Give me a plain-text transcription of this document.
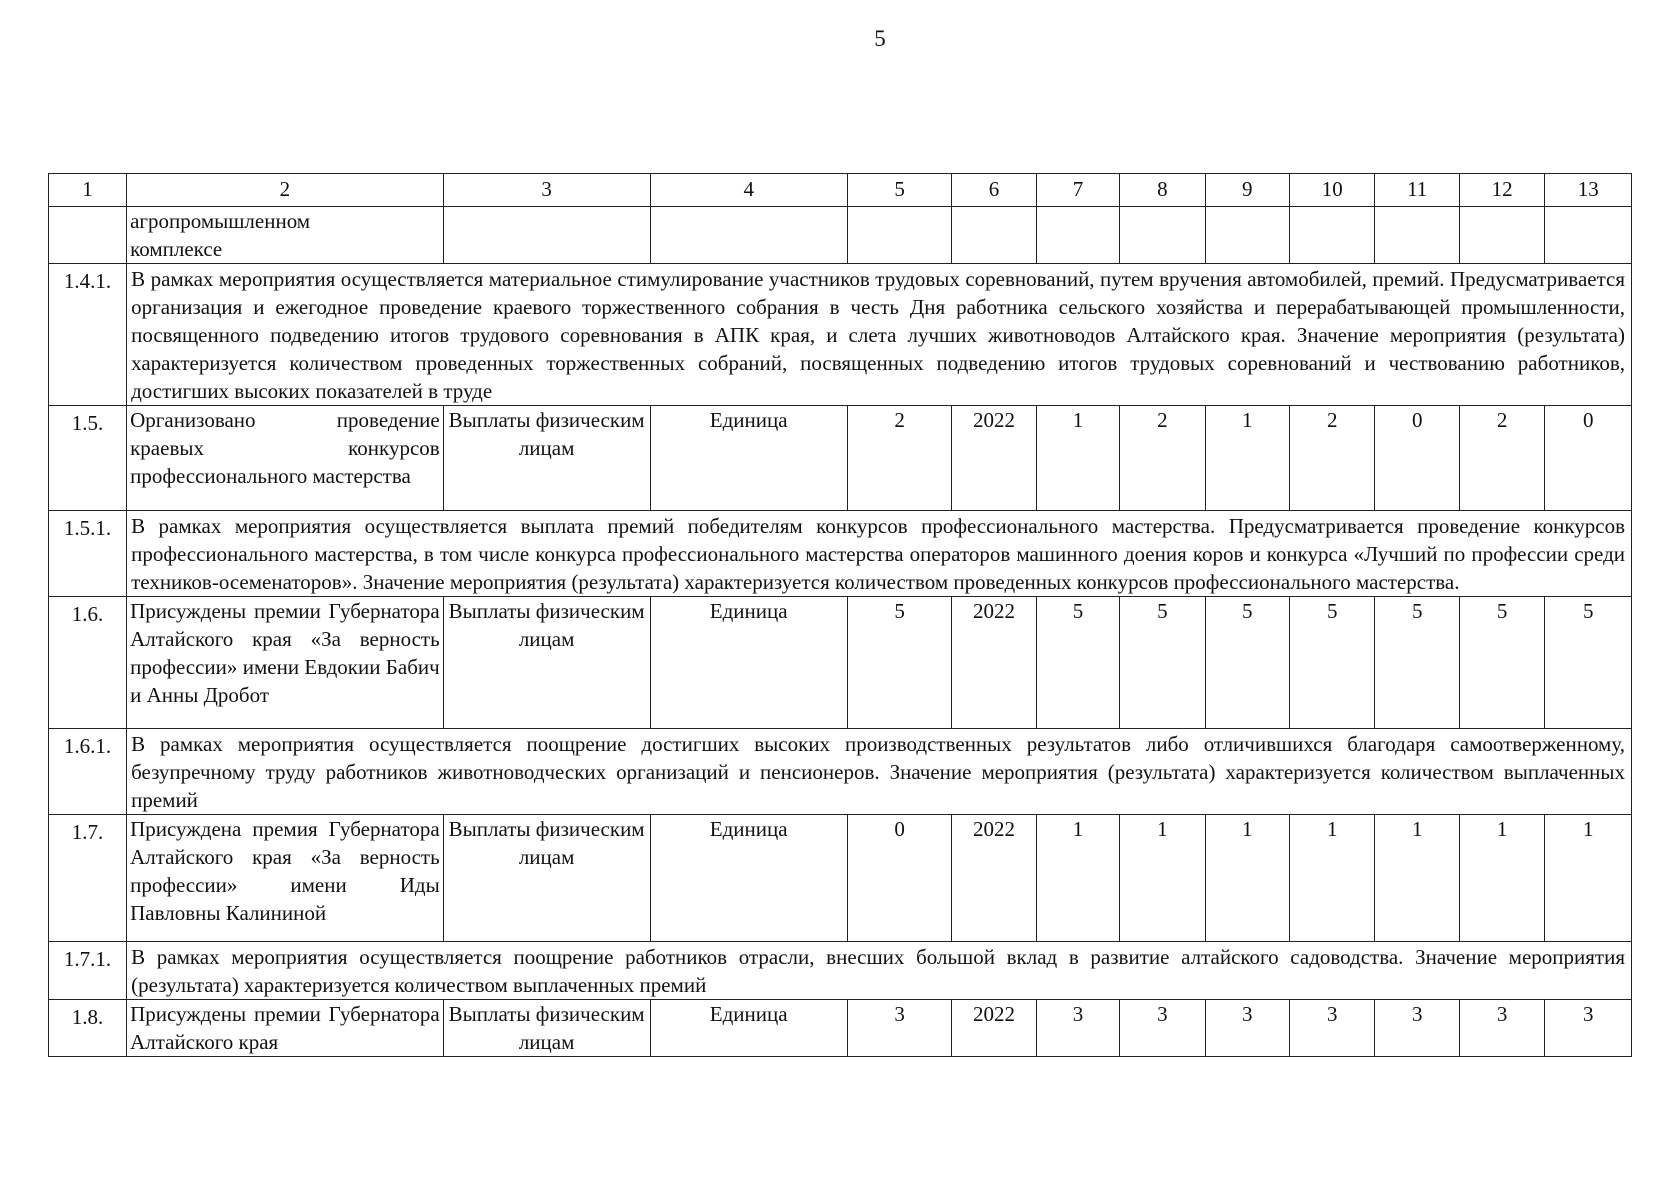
5
1	2	3	4	5	6	7	8	9	10	11	12	13

	агропромышленном
комплексе											

1.4.1.	В рамках мероприятия осуществляется материальное стимулирование участников трудовых соревнований, путем вручения автомобилей, премий. Предусматривается организация и ежегодное проведение краевого торжественного собрания в честь Дня работника сельского хозяйства и перерабатывающей промышленности, посвященного подведению итогов трудового соревнования в АПК края, и слета лучших животноводов Алтайского края. Значение мероприятия (результата) характеризуется количеством проведенных торжественных собраний, посвященных подведению итогов трудовых соревнований и чествованию работников, достигших высоких показателей в труде											
1.5.	Организовано проведение краевых конкурсов профессионального мастерства	Выплаты физическим лицам	Единица	2	2022	1	2	1	2	0	2	0
1.5.1.	В рамках мероприятия осуществляется выплата премий победителям конкурсов профессионального мастерства. Предусматривается проведение конкурсов профессионального мастерства, в том числе конкурса профессионального мастерства операторов машинного доения коров и конкурса «Лучший по профессии среди техников-осеменаторов». Значение мероприятия (результата) характеризуется количеством проведенных конкурсов профессионального мастерства.											
1.6.	Присуждены премии Губернатора Алтайского края «За верность профессии» имени Евдокии Бабич и Анны Дробот	Выплаты физическим лицам	Единица	5	2022	5	5	5	5	5	5	5
1.6.1.	В рамках мероприятия осуществляется поощрение достигших высоких производственных результатов либо отличившихся благодаря самоотверженному, безупречному труду работников животноводческих организаций и пенсионеров. Значение мероприятия (результата) характеризуется количеством выплаченных премий											
1.7.	Присуждена премия Губернатора Алтайского края «За верность профессии» имени Иды Павловны Калининой	Выплаты физическим лицам	Единица	0	2022	1	1	1	1	1	1	1
1.7.1.	В рамках мероприятия осуществляется поощрение работников отрасли, внесших большой вклад в развитие алтайского садоводства. Значение мероприятия (результата) характеризуется количеством выплаченных премий											
1.8.	Присуждены премии Губернатора Алтайского края	Выплаты физическим лицам	Единица	3	2022	3	3	3	3	3	3	3
